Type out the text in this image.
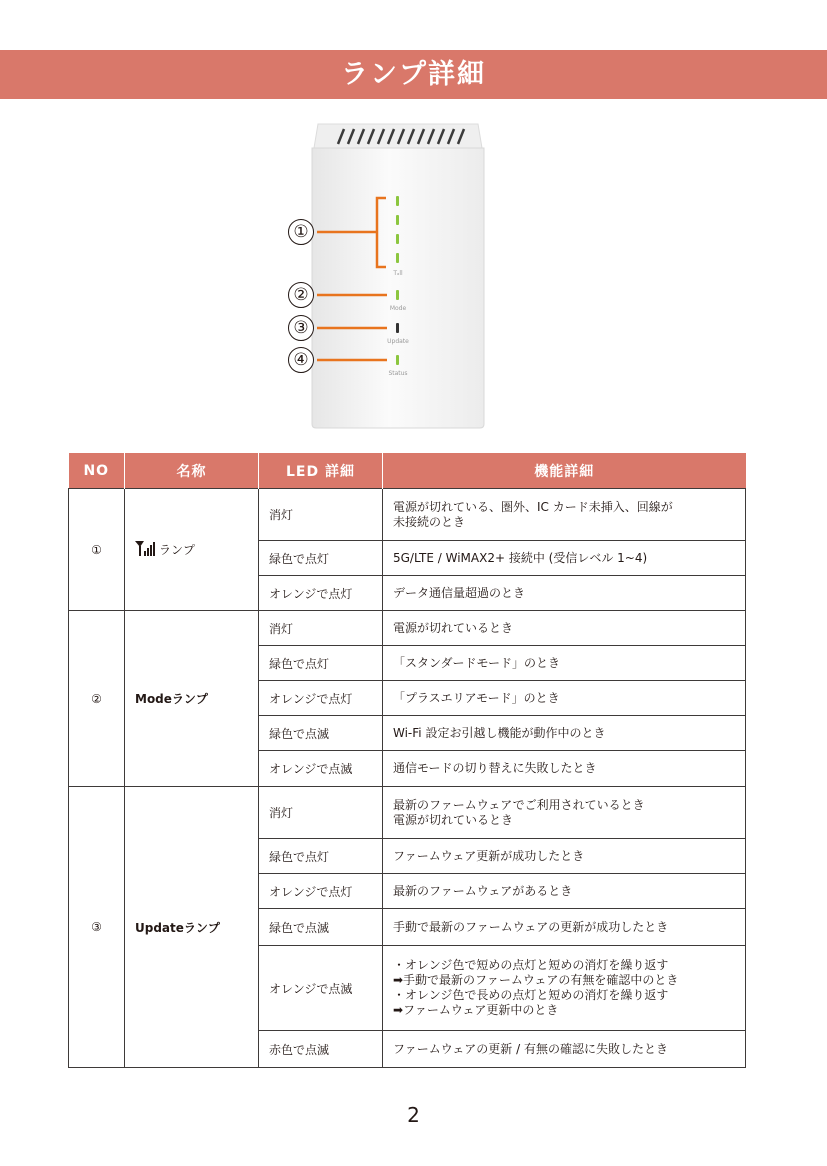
ランプ詳細
Tₐll
Mode
Update
Status
①
②
③
④
NO	名称	LED 詳細	機能詳細
①	ランプ	消灯	電源が切れている、圏外、IC カード未挿入、回線が
未接続のとき

		緑色で点灯	5G/LTE / WiMAX2+ 接続中 (受信レベル 1~4)
		オレンジで点灯	データ通信量超過のとき
②	Modeランプ	消灯	電源が切れているとき
		緑色で点灯	「スタンダードモード」のとき
		オレンジで点灯	「プラスエリアモード」のとき
		緑色で点滅	Wi-Fi 設定お引越し機能が動作中のとき
		オレンジで点滅	通信モードの切り替えに失敗したとき
③	Updateランプ	消灯	最新のファームウェアでご利用されているとき
電源が切れているとき

		緑色で点灯	ファームウェア更新が成功したとき
		オレンジで点灯	最新のファームウェアがあるとき
		緑色で点滅	手動で最新のファームウェアの更新が成功したとき
		オレンジで点滅	・オレンジ色で短めの点灯と短めの消灯を繰り返す
➡手動で最新のファームウェアの有無を確認中のとき
・オレンジ色で長めの点灯と短めの消灯を繰り返す
➡ファームウェア更新中のとき

		赤色で点滅	ファームウェアの更新 / 有無の確認に失敗したとき
2
